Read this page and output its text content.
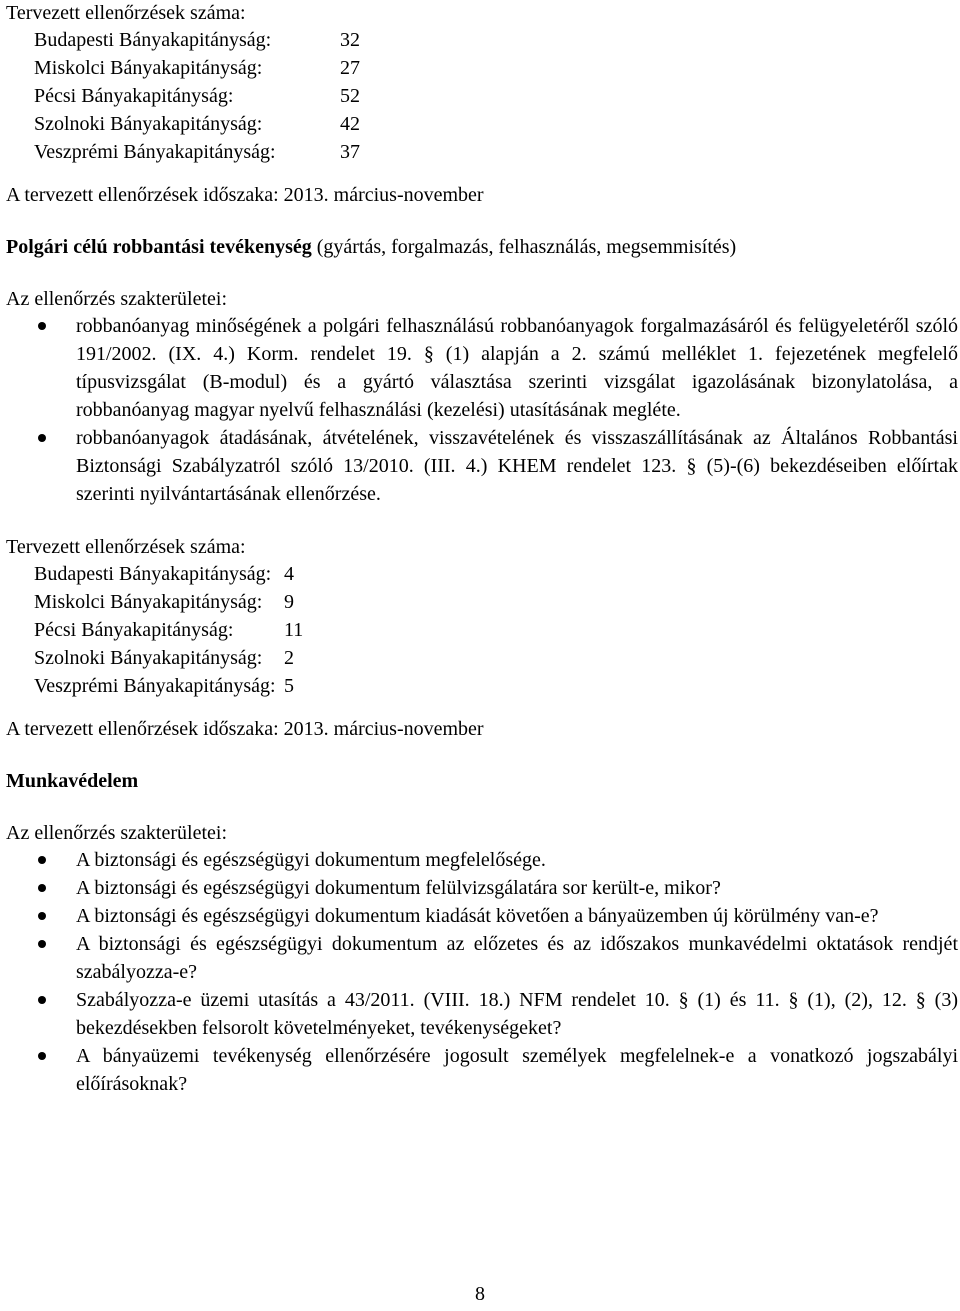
Tervezett ellenőrzések száma:

Budapesti Bányakapitányság:	32
Miskolci Bányakapitányság:	27
Pécsi Bányakapitányság:	52
Szolnoki Bányakapitányság:	42
Veszprémi Bányakapitányság:	37

A tervezett ellenőrzések időszaka: 2013. március-november

Polgári célú robbantási tevékenység (gyártás, forgalmazás, felhasználás, megsemmisítés)

Az ellenőrzés szakterületei:

robbanóanyag minőségének a polgári felhasználású robbanóanyagok forgalmazásáról és felügyeletéről szóló 191/2002. (IX. 4.) Korm. rendelet 19. § (1) alapján a 2. számú melléklet 1. fejezetének megfelelő típusvizsgálat (B-modul) és a gyártó választása szerinti vizsgálat igazolásának bizonylatolása, a robbanóanyag magyar nyelvű felhasználási (kezelési) utasításának megléte.
robbanóanyagok átadásának, átvételének, visszavételének és visszaszállításának az Általános Robbantási Biztonsági Szabályzatról szóló 13/2010. (III. 4.) KHEM rendelet 123. § (5)-(6) bekezdéseiben előírtak szerinti nyilvántartásának ellenőrzése.

Tervezett ellenőrzések száma:

Budapesti Bányakapitányság: 4
Miskolci Bányakapitányság:	9
Pécsi Bányakapitányság:	11
Szolnoki Bányakapitányság:	2
Veszprémi Bányakapitányság: 5

A tervezett ellenőrzések időszaka: 2013. március-november

Munkavédelem

Az ellenőrzés szakterületei:

A biztonsági és egészségügyi dokumentum megfelelősége.
A biztonsági és egészségügyi dokumentum felülvizsgálatára sor került-e, mikor?
A biztonsági és egészségügyi dokumentum kiadását követően a bányaüzemben új körülmény van-e?
A biztonsági és egészségügyi dokumentum az előzetes és az időszakos munkavédelmi oktatások rendjét szabályozza-e?
Szabályozza-e üzemi utasítás a 43/2011. (VIII. 18.) NFM rendelet 10. § (1) és 11. § (1), (2), 12. § (3) bekezdésekben felsorolt követelményeket, tevékenységeket?
A bányaüzemi tevékenység ellenőrzésére jogosult személyek megfelelnek-e a vonatkozó jogszabályi előírásoknak?
8
